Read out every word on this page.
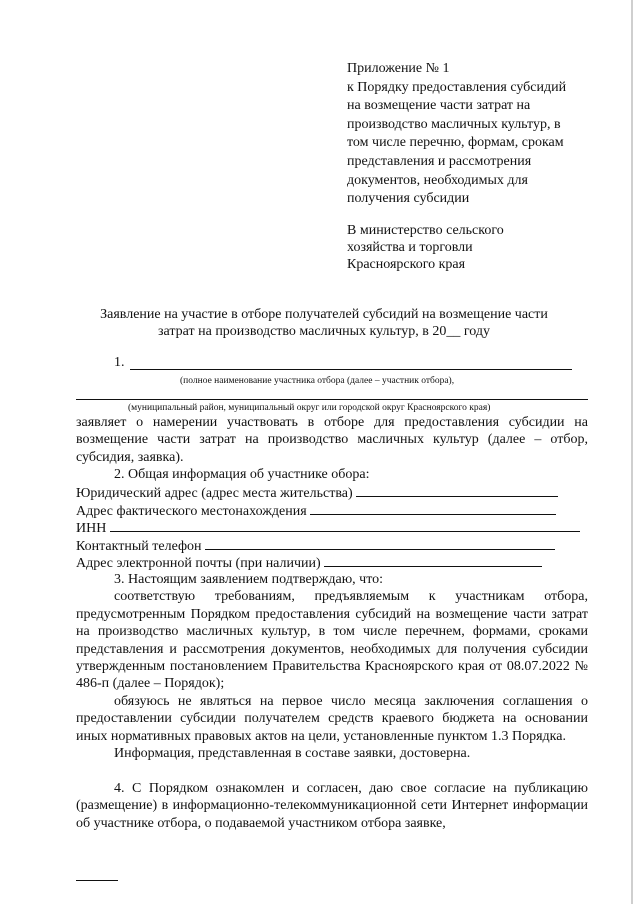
Приложение № 1
к Порядку предоставления субсидий
на возмещение части затрат на
производство масличных культур, в
том числе перечню, формам, срокам
представления и рассмотрения
документов, необходимых для
получения субсидии
В министерство сельского
хозяйства и торговли
Красноярского края
Заявление на участие в отборе получателей субсидий на возмещение части
затрат на производство масличных культур, в 20__ году
1.
(полное наименование участника отбора (далее – участник отбора),
(муниципальный район, муниципальный округ или городской округ Красноярского края)
заявляет о намерении участвовать в отборе для предоставления субсидии на возмещение части затрат на производство масличных культур (далее – отбор, субсидия, заявка).
2. Общая информация об участнике обора:
Юридический адрес (адрес места жительства)
Адрес фактического местонахождения
ИНН
Контактный телефон
Адрес электронной почты (при наличии)
3. Настоящим заявлением подтверждаю, что:
соответствую требованиям, предъявляемым к участникам отбора, предусмотренным Порядком предоставления субсидий на возмещение части затрат на производство масличных культур, в том числе перечнем, формами, сроками представления и рассмотрения документов, необходимых для получения субсидии утвержденным постановлением Правительства Красноярского края от 08.07.2022 № 486-п (далее – Порядок);
обязуюсь не являться на первое число месяца заключения соглашения о предоставлении субсидии получателем средств краевого бюджета на основании иных нормативных правовых актов на цели, установленные пунктом 1.3 Порядка.
Информация, представленная в составе заявки, достоверна.
4. С Порядком ознакомлен и согласен, даю свое согласие на публикацию (размещение) в информационно-телекоммуникационной сети Интернет информации об участнике отбора, о подаваемой участником отбора заявке,
